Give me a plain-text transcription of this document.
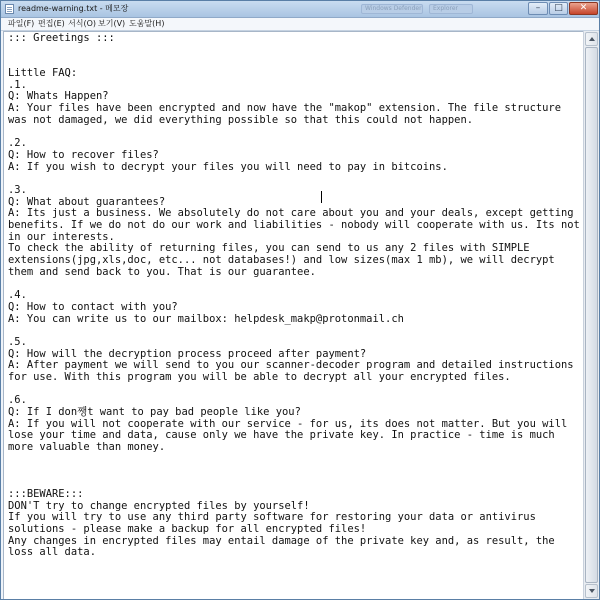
readme-warning.txt - 메모장	Windows Defender	Explorer	–	□	✕
파일(F) 편집(E) 서식(O) 보기(V) 도움말(H)
::: Greetings :::
Little FAQ:
.1.
Q: Whats Happen?
A: Your files have been encrypted and now have the "makop" extension. The file structure
was not damaged, we did everything possible so that this could not happen.
.2.
Q: How to recover files?
A: If you wish to decrypt your files you will need to pay in bitcoins.
.3.
Q: What about guarantees?
A: Its just a business. We absolutely do not care about you and your deals, except getting
benefits. If we do not do our work and liabilities - nobody will cooperate with us. Its not
in our interests.
To check the ability of returning files, you can send to us any 2 files with SIMPLE
extensions(jpg,xls,doc, etc... not databases!) and low sizes(max 1 mb), we will decrypt
them and send back to you. That is our guarantee.
.4.
Q: How to contact with you?
A: You can write us to our mailbox: helpdesk_makp@protonmail.ch
.5.
Q: How will the decryption process proceed after payment?
A: After payment we will send to you our scanner-decoder program and detailed instructions
for use. With this program you will be able to decrypt all your encrypted files.
.6.
Q: If I don쨍t want to pay bad people like you?
A: If you will not cooperate with our service - for us, its does not matter. But you will
lose your time and data, cause only we have the private key. In practice - time is much
more valuable than money.
:::BEWARE:::
DON'T try to change encrypted files by yourself!
If you will try to use any third party software for restoring your data or antivirus
solutions - please make a backup for all encrypted files!
Any changes in encrypted files may entail damage of the private key and, as result, the
loss all data.
